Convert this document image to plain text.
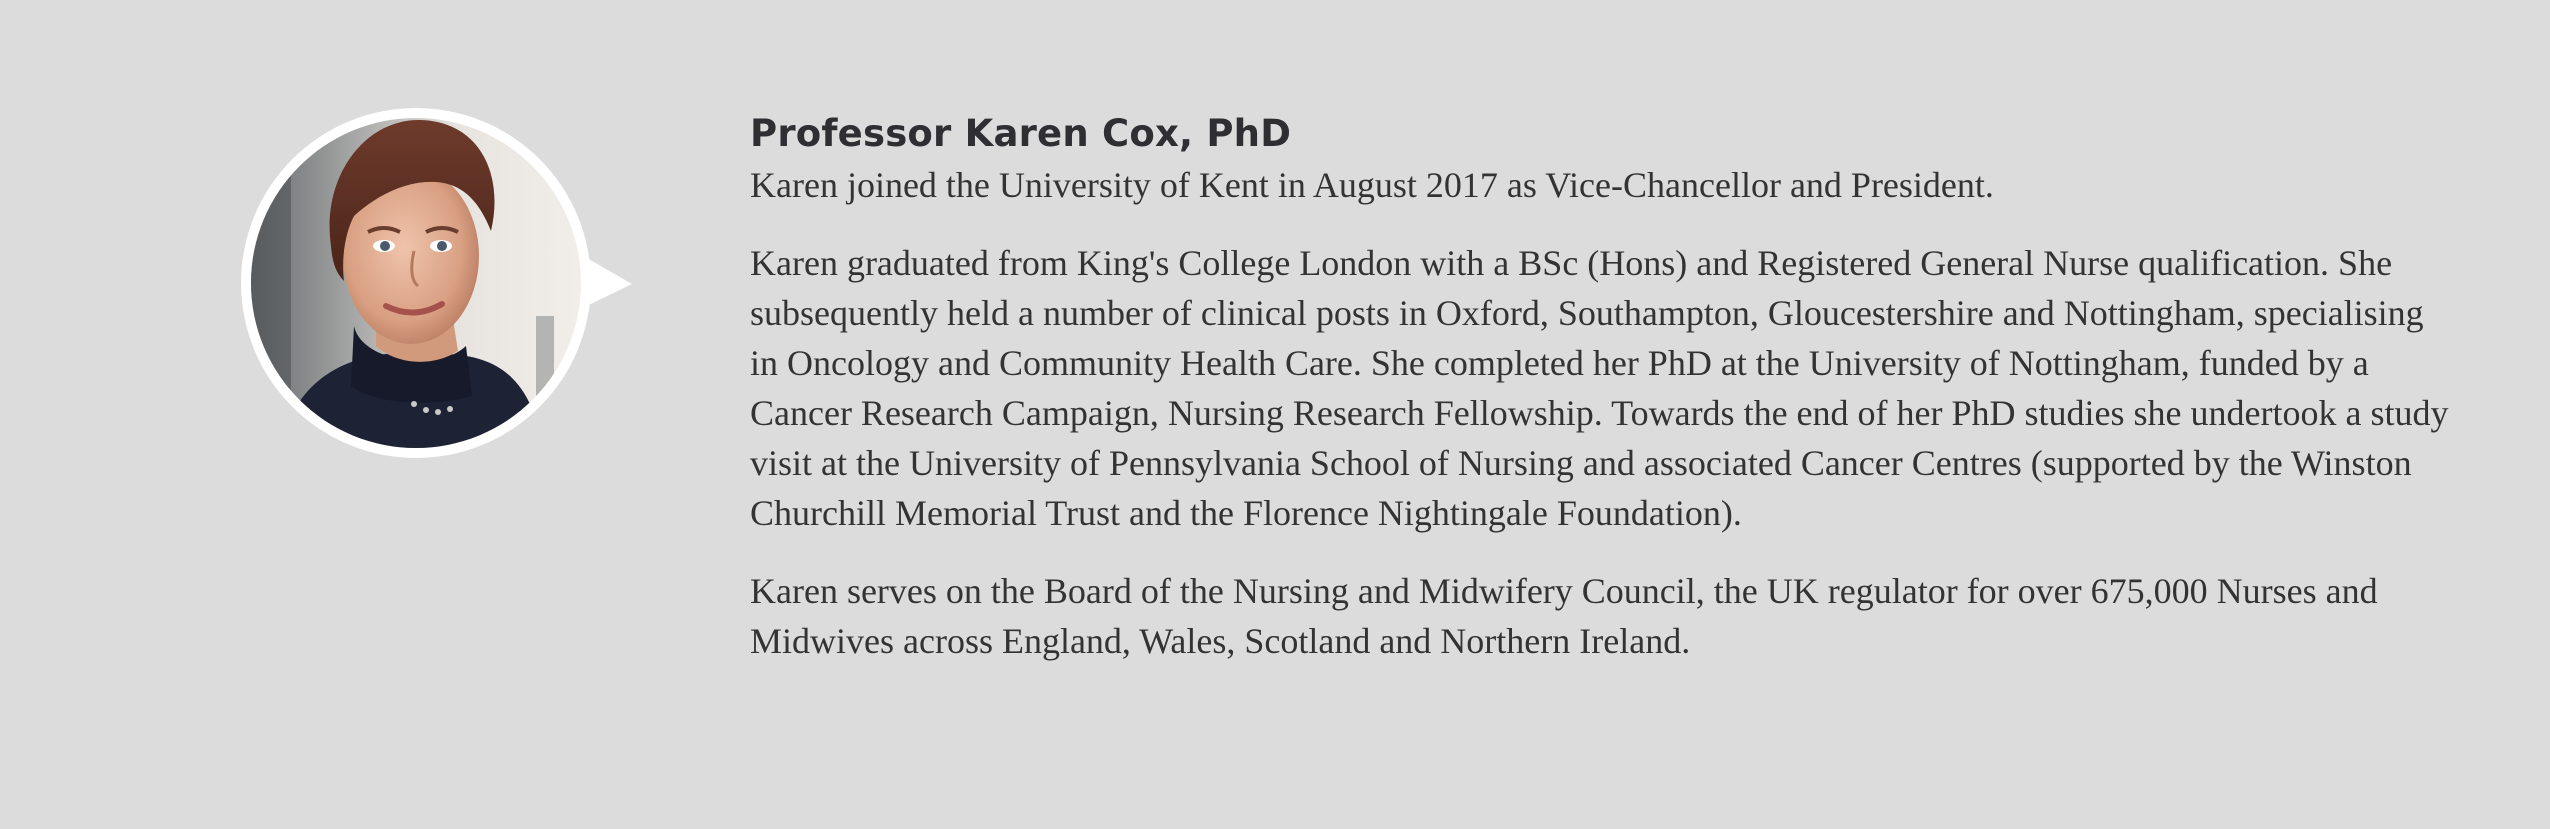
Professor Karen Cox, PhD

Karen joined the University of Kent in August 2017 as Vice-Chancellor and President.

Karen graduated from King's College London with a BSc (Hons) and Registered General Nurse qualification. She subsequently held a number of clinical posts in Oxford, Southampton, Gloucestershire and Nottingham, specialising in Oncology and Community Health Care. She completed her PhD at the University of Nottingham, funded by a Cancer Research Campaign, Nursing Research Fellowship. Towards the end of her PhD studies she undertook a study visit at the University of Pennsylvania School of Nursing and associated Cancer Centres (supported by the Winston Churchill Memorial Trust and the Florence Nightingale Foundation).

Karen serves on the Board of the Nursing and Midwifery Council, the UK regulator for over 675,000 Nurses and Midwives across England, Wales, Scotland and Northern Ireland.
